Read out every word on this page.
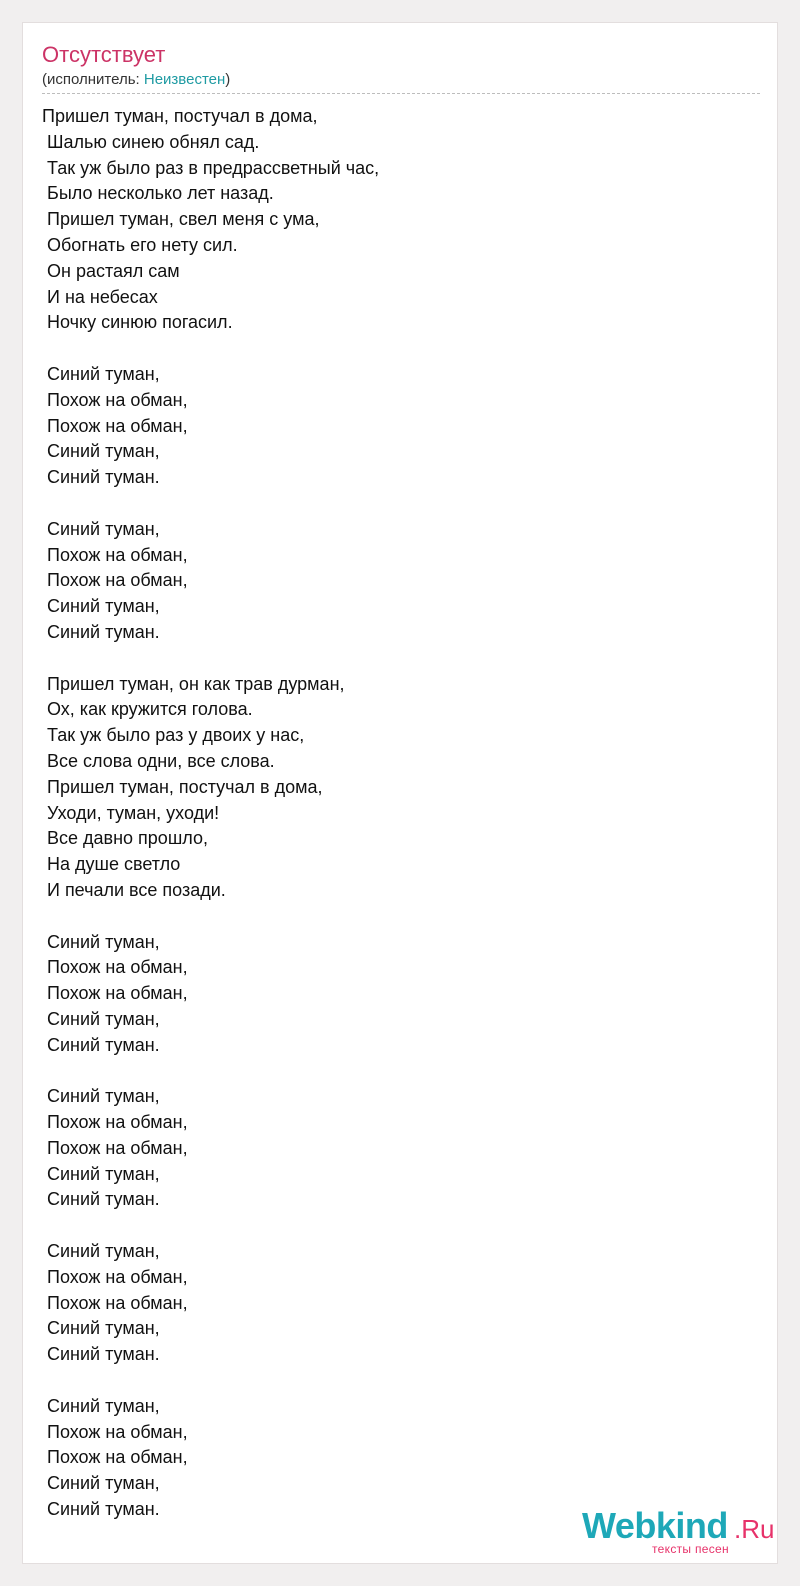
Отсутствует
(исполнитель: Неизвестен)
Пришел туман, постучал в дома,
Шалью синею обнял сад.
Так уж было раз в предрассветный час,
Было несколько лет назад.
Пришел туман, свел меня с ума,
Обогнать его нету сил.
Он растаял сам
И на небесах
Ночку синюю погасил.
Синий туман,
Похож на обман,
Похож на обман,
Синий туман,
Синий туман.
Синий туман,
Похож на обман,
Похож на обман,
Синий туман,
Синий туман.
Пришел туман, он как трав дурман,
Ох, как кружится голова.
Так уж было раз у двоих у нас,
Все слова одни, все слова.
Пришел туман, постучал в дома,
Уходи, туман, уходи!
Все давно прошло,
На душе светло
И печали все позади.
Синий туман,
Похож на обман,
Похож на обман,
Синий туман,
Синий туман.
Синий туман,
Похож на обман,
Похож на обман,
Синий туман,
Синий туман.
Синий туман,
Похож на обман,
Похож на обман,
Синий туман,
Синий туман.
Синий туман,
Похож на обман,
Похож на обман,
Синий туман,
Синий туман.	Webkind .Ru
тексты песен
